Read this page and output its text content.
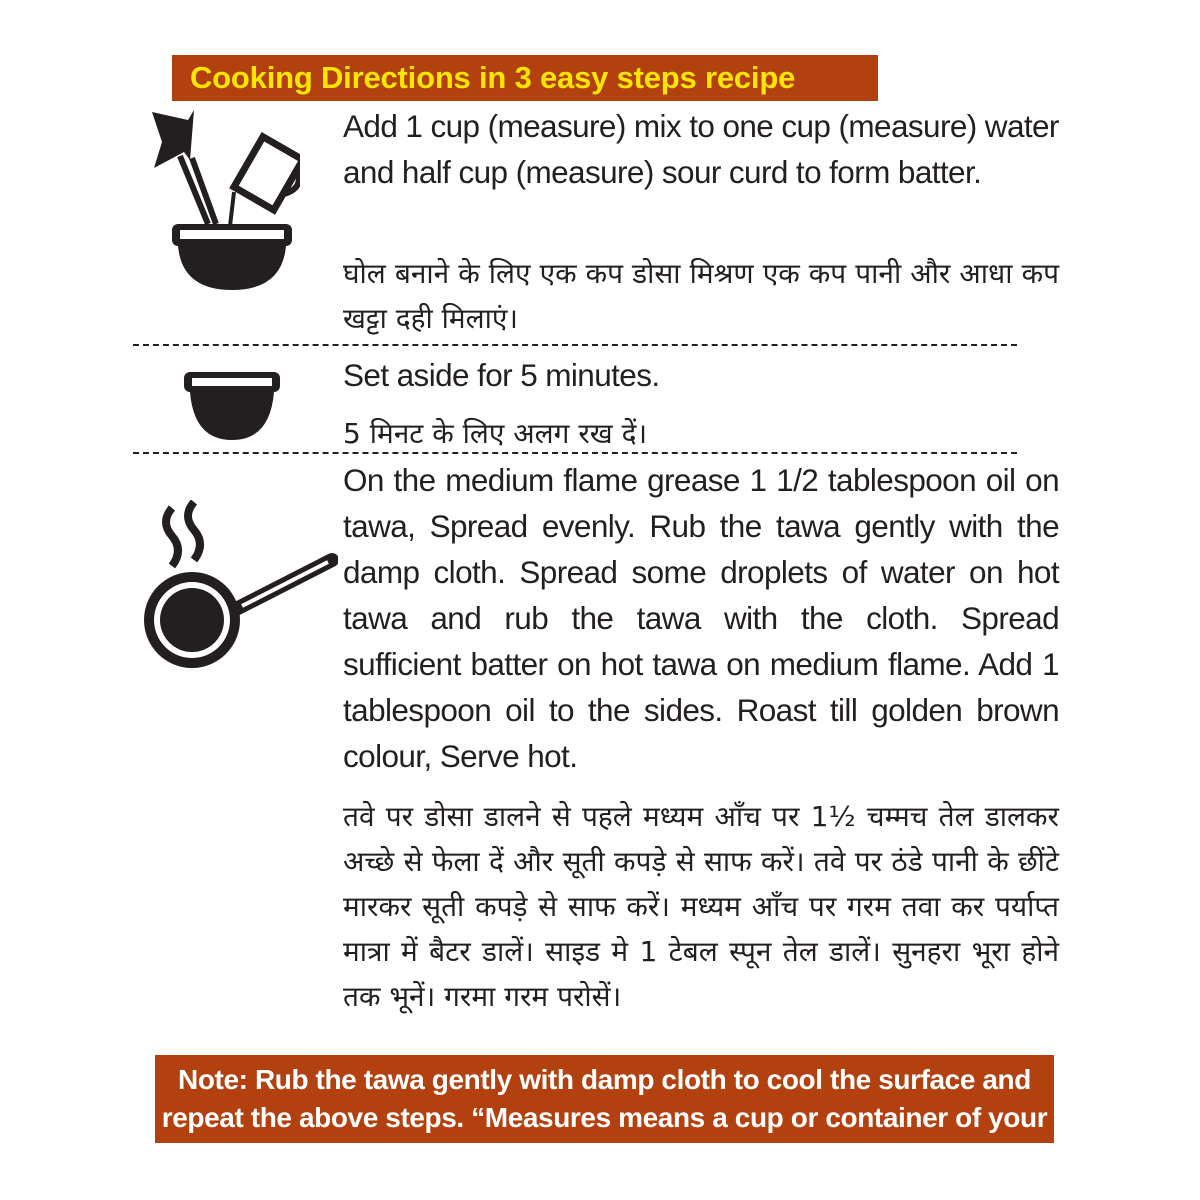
Cooking Directions in 3 easy steps recipe
Add 1 cup (measure) mix to one cup (measure) water and half cup (measure) sour curd to form batter.
घोल बनाने के लिए एक कप डोसा मिश्रण एक कप पानी और आधा कप खट्टा दही मिलाएं।
Set aside for 5 minutes.
5 मिनट के लिए अलग रख दें।
On the medium flame grease 1 1/2 tablespoon oil on tawa, Spread evenly. Rub the tawa gently with the damp cloth. Spread some droplets of water on hot tawa and rub the tawa with the cloth. Spread sufficient batter on hot tawa on medium flame. Add 1 tablespoon oil to the sides. Roast till golden brown colour, Serve hot.
तवे पर डोसा डालने से पहले मध्यम आँच पर 1½ चम्मच तेल डालकर अच्छे से फेला दें और सूती कपड़े से साफ करें। तवे पर ठंडे पानी के छींटे मारकर सूती कपड़े से साफ करें। मध्यम आँच पर गरम तवा कर पर्याप्त मात्रा में बैटर डालें। साइड मे 1 टेबल स्पून तेल डालें। सुनहरा भूरा होने तक भूनें। गरमा गरम परोसें।
Note: Rub the tawa gently with damp cloth to cool the surface and repeat the above steps. “Measures means a cup or container of your choice”
